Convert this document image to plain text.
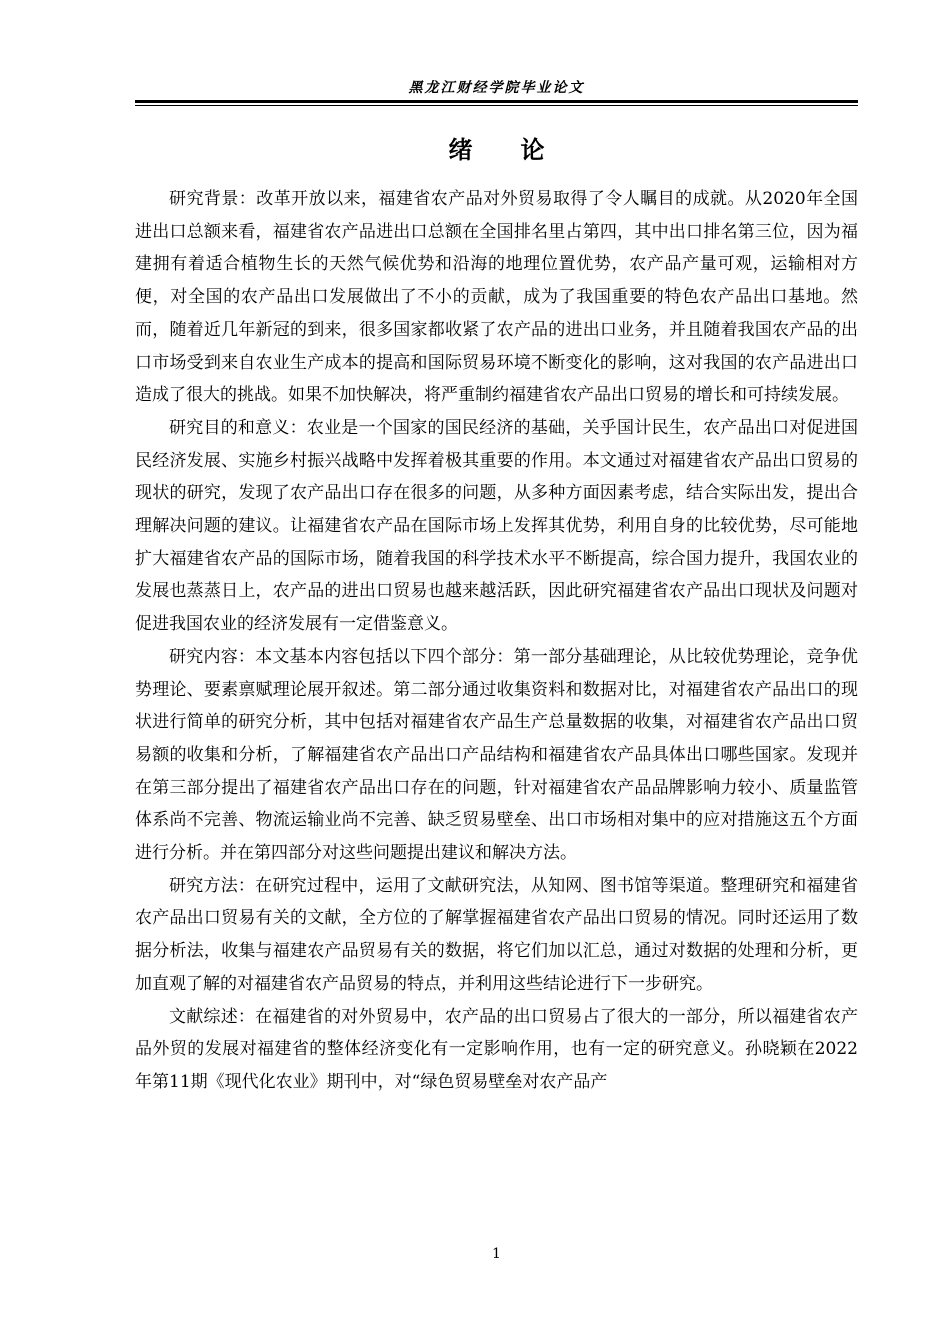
黑龙江财经学院毕业论文
绪论

研究背景：改革开放以来，福建省农产品对外贸易取得了令人瞩目的成就。从2020年全国进出口总额来看，福建省农产品进出口总额在全国排名里占第四，其中出口排名第三位，因为福建拥有着适合植物生长的天然气候优势和沿海的地理位置优势，农产品产量可观，运输相对方便，对全国的农产品出口发展做出了不小的贡献，成为了我国重要的特色农产品出口基地。然而，随着近几年新冠的到来，很多国家都收紧了农产品的进出口业务，并且随着我国农产品的出口市场受到来自农业生产成本的提高和国际贸易环境不断变化的影响，这对我国的农产品进出口造成了很大的挑战。如果不加快解决，将严重制约福建省农产品出口贸易的增长和可持续发展。

研究目的和意义：农业是一个国家的国民经济的基础，关乎国计民生，农产品出口对促进国民经济发展、实施乡村振兴战略中发挥着极其重要的作用。本文通过对福建省农产品出口贸易的现状的研究，发现了农产品出口存在很多的问题，从多种方面因素考虑，结合实际出发，提出合理解决问题的建议。让福建省农产品在国际市场上发挥其优势，利用自身的比较优势，尽可能地扩大福建省农产品的国际市场，随着我国的科学技术水平不断提高，综合国力提升，我国农业的发展也蒸蒸日上，农产品的进出口贸易也越来越活跃，因此研究福建省农产品出口现状及问题对促进我国农业的经济发展有一定借鉴意义。

研究内容：本文基本内容包括以下四个部分：第一部分基础理论，从比较优势理论，竞争优势理论、要素禀赋理论展开叙述。第二部分通过收集资料和数据对比，对福建省农产品出口的现状进行简单的研究分析，其中包括对福建省农产品生产总量数据的收集，对福建省农产品出口贸易额的收集和分析，了解福建省农产品出口产品结构和福建省农产品具体出口哪些国家。发现并在第三部分提出了福建省农产品出口存在的问题，针对福建省农产品品牌影响力较小、质量监管体系尚不完善、物流运输业尚不完善、缺乏贸易壁垒、出口市场相对集中的应对措施这五个方面进行分析。并在第四部分对这些问题提出建议和解决方法。

研究方法：在研究过程中，运用了文献研究法，从知网、图书馆等渠道。整理研究和福建省农产品出口贸易有关的文献，全方位的了解掌握福建省农产品出口贸易的情况。同时还运用了数据分析法，收集与福建农产品贸易有关的数据，将它们加以汇总，通过对数据的处理和分析，更加直观了解的对福建省农产品贸易的特点，并利用这些结论进行下一步研究。

文献综述：在福建省的对外贸易中，农产品的出口贸易占了很大的一部分，所以福建省农产品外贸的发展对福建省的整体经济变化有一定影响作用，也有一定的研究意义。孙晓颖在2022年第11期《现代化农业》期刊中，对“绿色贸易壁垒对农产品产

1
